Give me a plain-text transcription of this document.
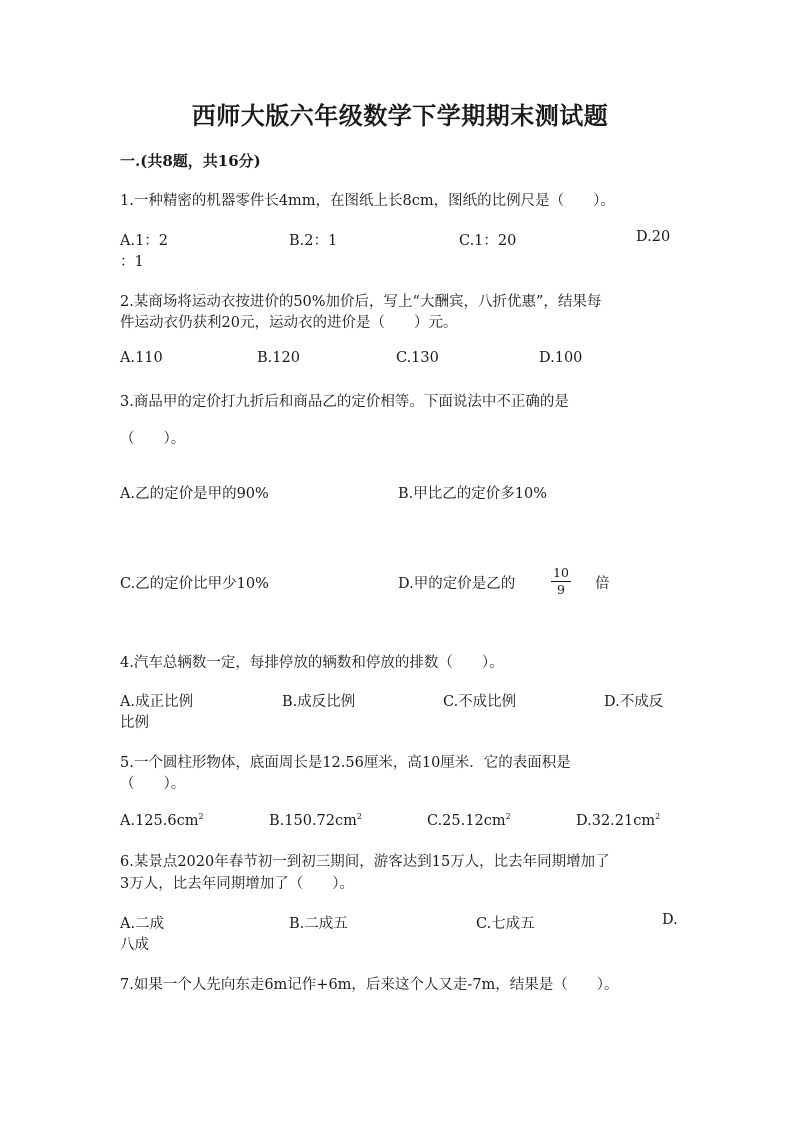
西师大版六年级数学下学期期末测试题
一.(共8题，共16分)
1.一种精密的机器零件长4mm，在图纸上长8cm，图纸的比例尺是（　　）。
A.1：2	B.2：1	C.1：20	D.20
：1
2.某商场将运动衣按进价的50%加价后，写上“大酬宾，八折优惠”，结果每
件运动衣仍获利20元，运动衣的进价是（　　）元。
A.110	B.120	C.130	D.100
3.商品甲的定价打九折后和商品乙的定价相等。下面说法中不正确的是
（　　）。
A.乙的定价是甲的90%	B.甲比乙的定价多10%
C.乙的定价比甲少10%	D.甲的定价是乙的	$\frac{10}{9}$ 倍
4.汽车总辆数一定，每排停放的辆数和停放的排数（　　）。
A.成正比例	B.成反比例	C.不成比例	D.不成反
比例
5.一个圆柱形物体，底面周长是12.56厘米，高10厘米．它的表面积是
（　　）。
$A.125.6cm^2$	$B.150.72cm^2$	$C.25.12cm^2$	$D.32.21cm^2$
6.某景点2020年春节初一到初三期间，游客达到15万人，比去年同期增加了
3万人，比去年同期增加了（　　）。
A.二成	B.二成五	C.七成五	D.
八成
7.如果一个人先向东走6m记作+6m，后来这个人又走-7m，结果是（　　）。
